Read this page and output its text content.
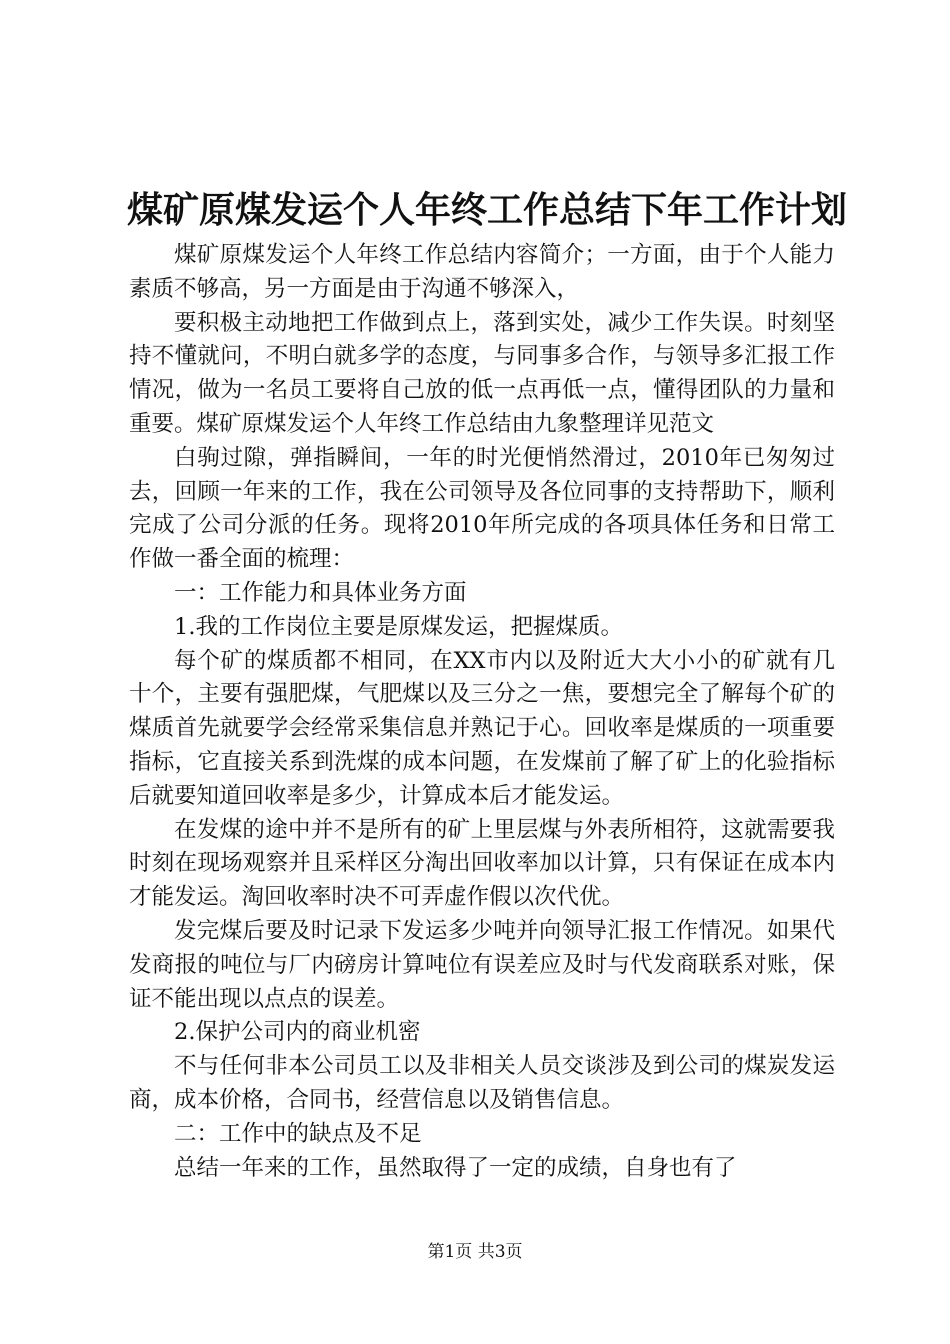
煤矿原煤发运个人年终工作总结下年工作计划

煤矿原煤发运个人年终工作总结内容简介；一方面，由于个人能力素质不够高，另一方面是由于沟通不够深入，

要积极主动地把工作做到点上，落到实处，减少工作失误。时刻坚持不懂就问，不明白就多学的态度，与同事多合作，与领导多汇报工作情况，做为一名员工要将自己放的低一点再低一点，懂得团队的力量和重要。煤矿原煤发运个人年终工作总结由九象整理详见范文

白驹过隙，弹指瞬间，一年的时光便悄然滑过，2010年已匆匆过去，回顾一年来的工作，我在公司领导及各位同事的支持帮助下，顺利完成了公司分派的任务。现将2010年所完成的各项具体任务和日常工作做一番全面的梳理：

一：工作能力和具体业务方面

1.我的工作岗位主要是原煤发运，把握煤质。

每个矿的煤质都不相同，在XX市内以及附近大大小小的矿就有几十个，主要有强肥煤，气肥煤以及三分之一焦，要想完全了解每个矿的煤质首先就要学会经常采集信息并熟记于心。回收率是煤质的一项重要指标，它直接关系到洗煤的成本问题，在发煤前了解了矿上的化验指标后就要知道回收率是多少，计算成本后才能发运。

在发煤的途中并不是所有的矿上里层煤与外表所相符，这就需要我时刻在现场观察并且采样区分淘出回收率加以计算，只有保证在成本内才能发运。淘回收率时决不可弄虚作假以次代优。

发完煤后要及时记录下发运多少吨并向领导汇报工作情况。如果代发商报的吨位与厂内磅房计算吨位有误差应及时与代发商联系对账，保证不能出现以点点的误差。

2.保护公司内的商业机密

不与任何非本公司员工以及非相关人员交谈涉及到公司的煤炭发运商，成本价格，合同书，经营信息以及销售信息。

二：工作中的缺点及不足

总结一年来的工作，虽然取得了一定的成绩，自身也有了

第1页 共3页
